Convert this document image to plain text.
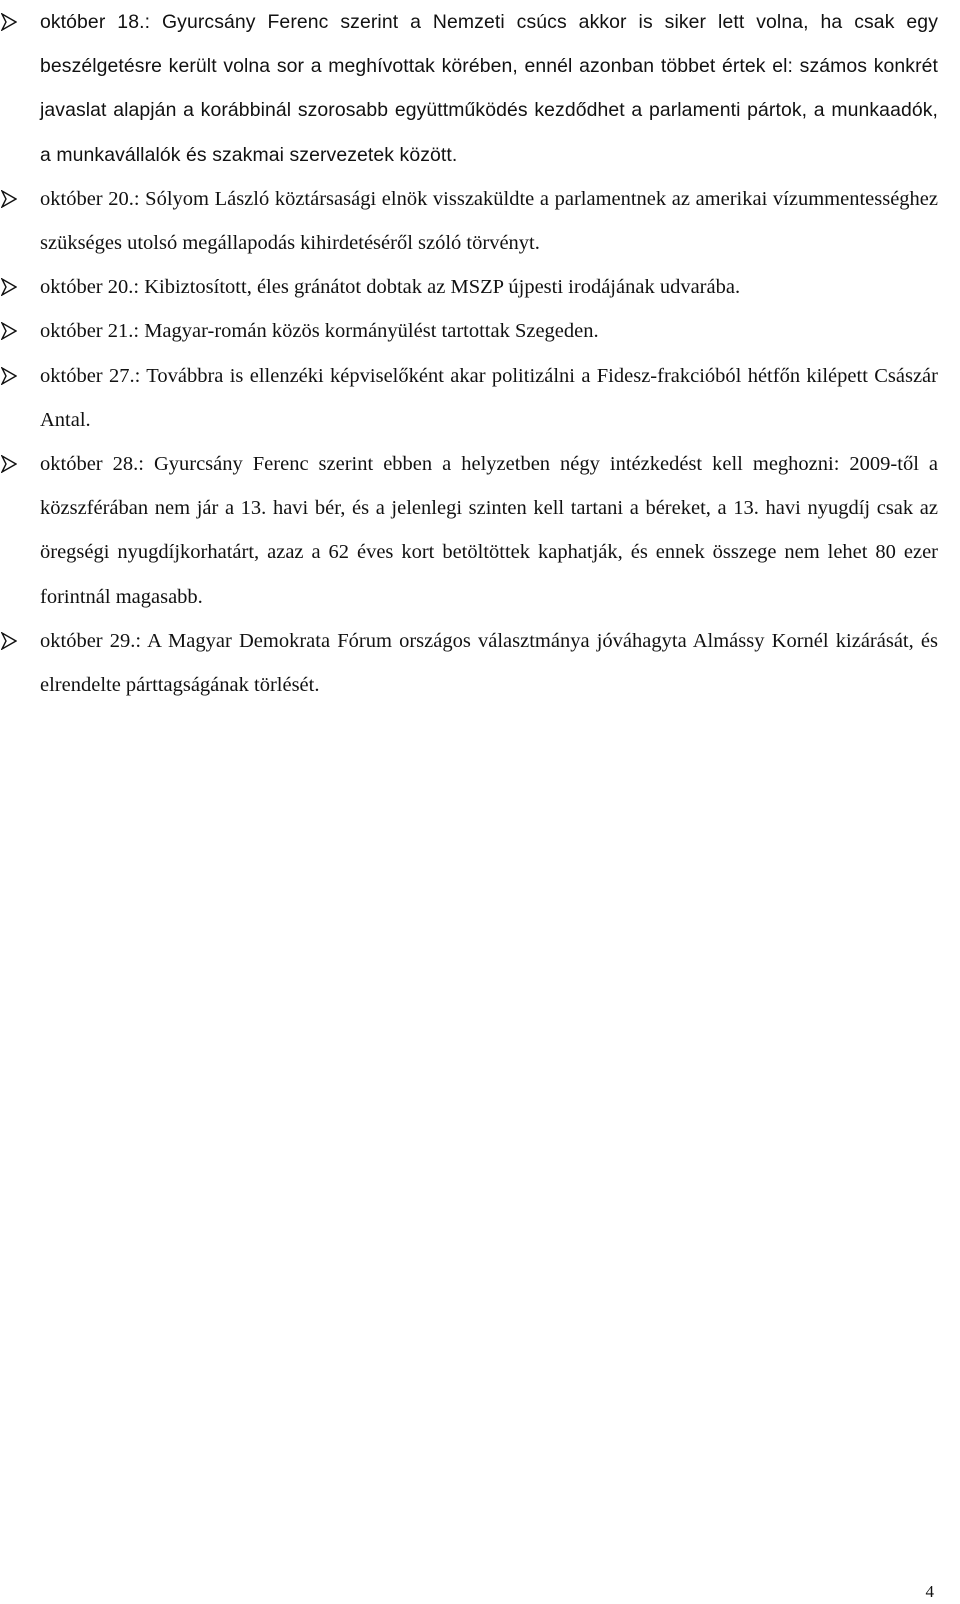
október 18.: Gyurcsány Ferenc szerint a Nemzeti csúcs akkor is siker lett volna, ha csak egy beszélgetésre került volna sor a meghívottak körében, ennél azonban többet értek el: számos konkrét javaslat alapján a korábbinál szorosabb együttműködés kezdődhet a parlamenti pártok, a munkaadók, a munkavállalók és szakmai szervezetek között.
október 20.: Sólyom László köztársasági elnök visszaküldte a parlamentnek az amerikai vízummentességhez szükséges utolsó megállapodás kihirdetéséről szóló törvényt.
október 20.: Kibiztosított, éles gránátot dobtak az MSZP újpesti irodájának udvarába.
október 21.: Magyar-román közös kormányülést tartottak Szegeden.
október 27.: Továbbra is ellenzéki képviselőként akar politizálni a Fidesz-frakcióból hétfőn kilépett Császár Antal.
október 28.: Gyurcsány Ferenc szerint ebben a helyzetben négy intézkedést kell meghozni: 2009-től a közszférában nem jár a 13. havi bér, és a jelenlegi szinten kell tartani a béreket, a 13. havi nyugdíj csak az öregségi nyugdíjkorhatárt, azaz a 62 éves kort betöltöttek kaphatják, és ennek összege nem lehet 80 ezer forintnál magasabb.
október 29.: A Magyar Demokrata Fórum országos választmánya jóváhagyta Almássy Kornél kizárását, és elrendelte párttagságának törlését.
4
